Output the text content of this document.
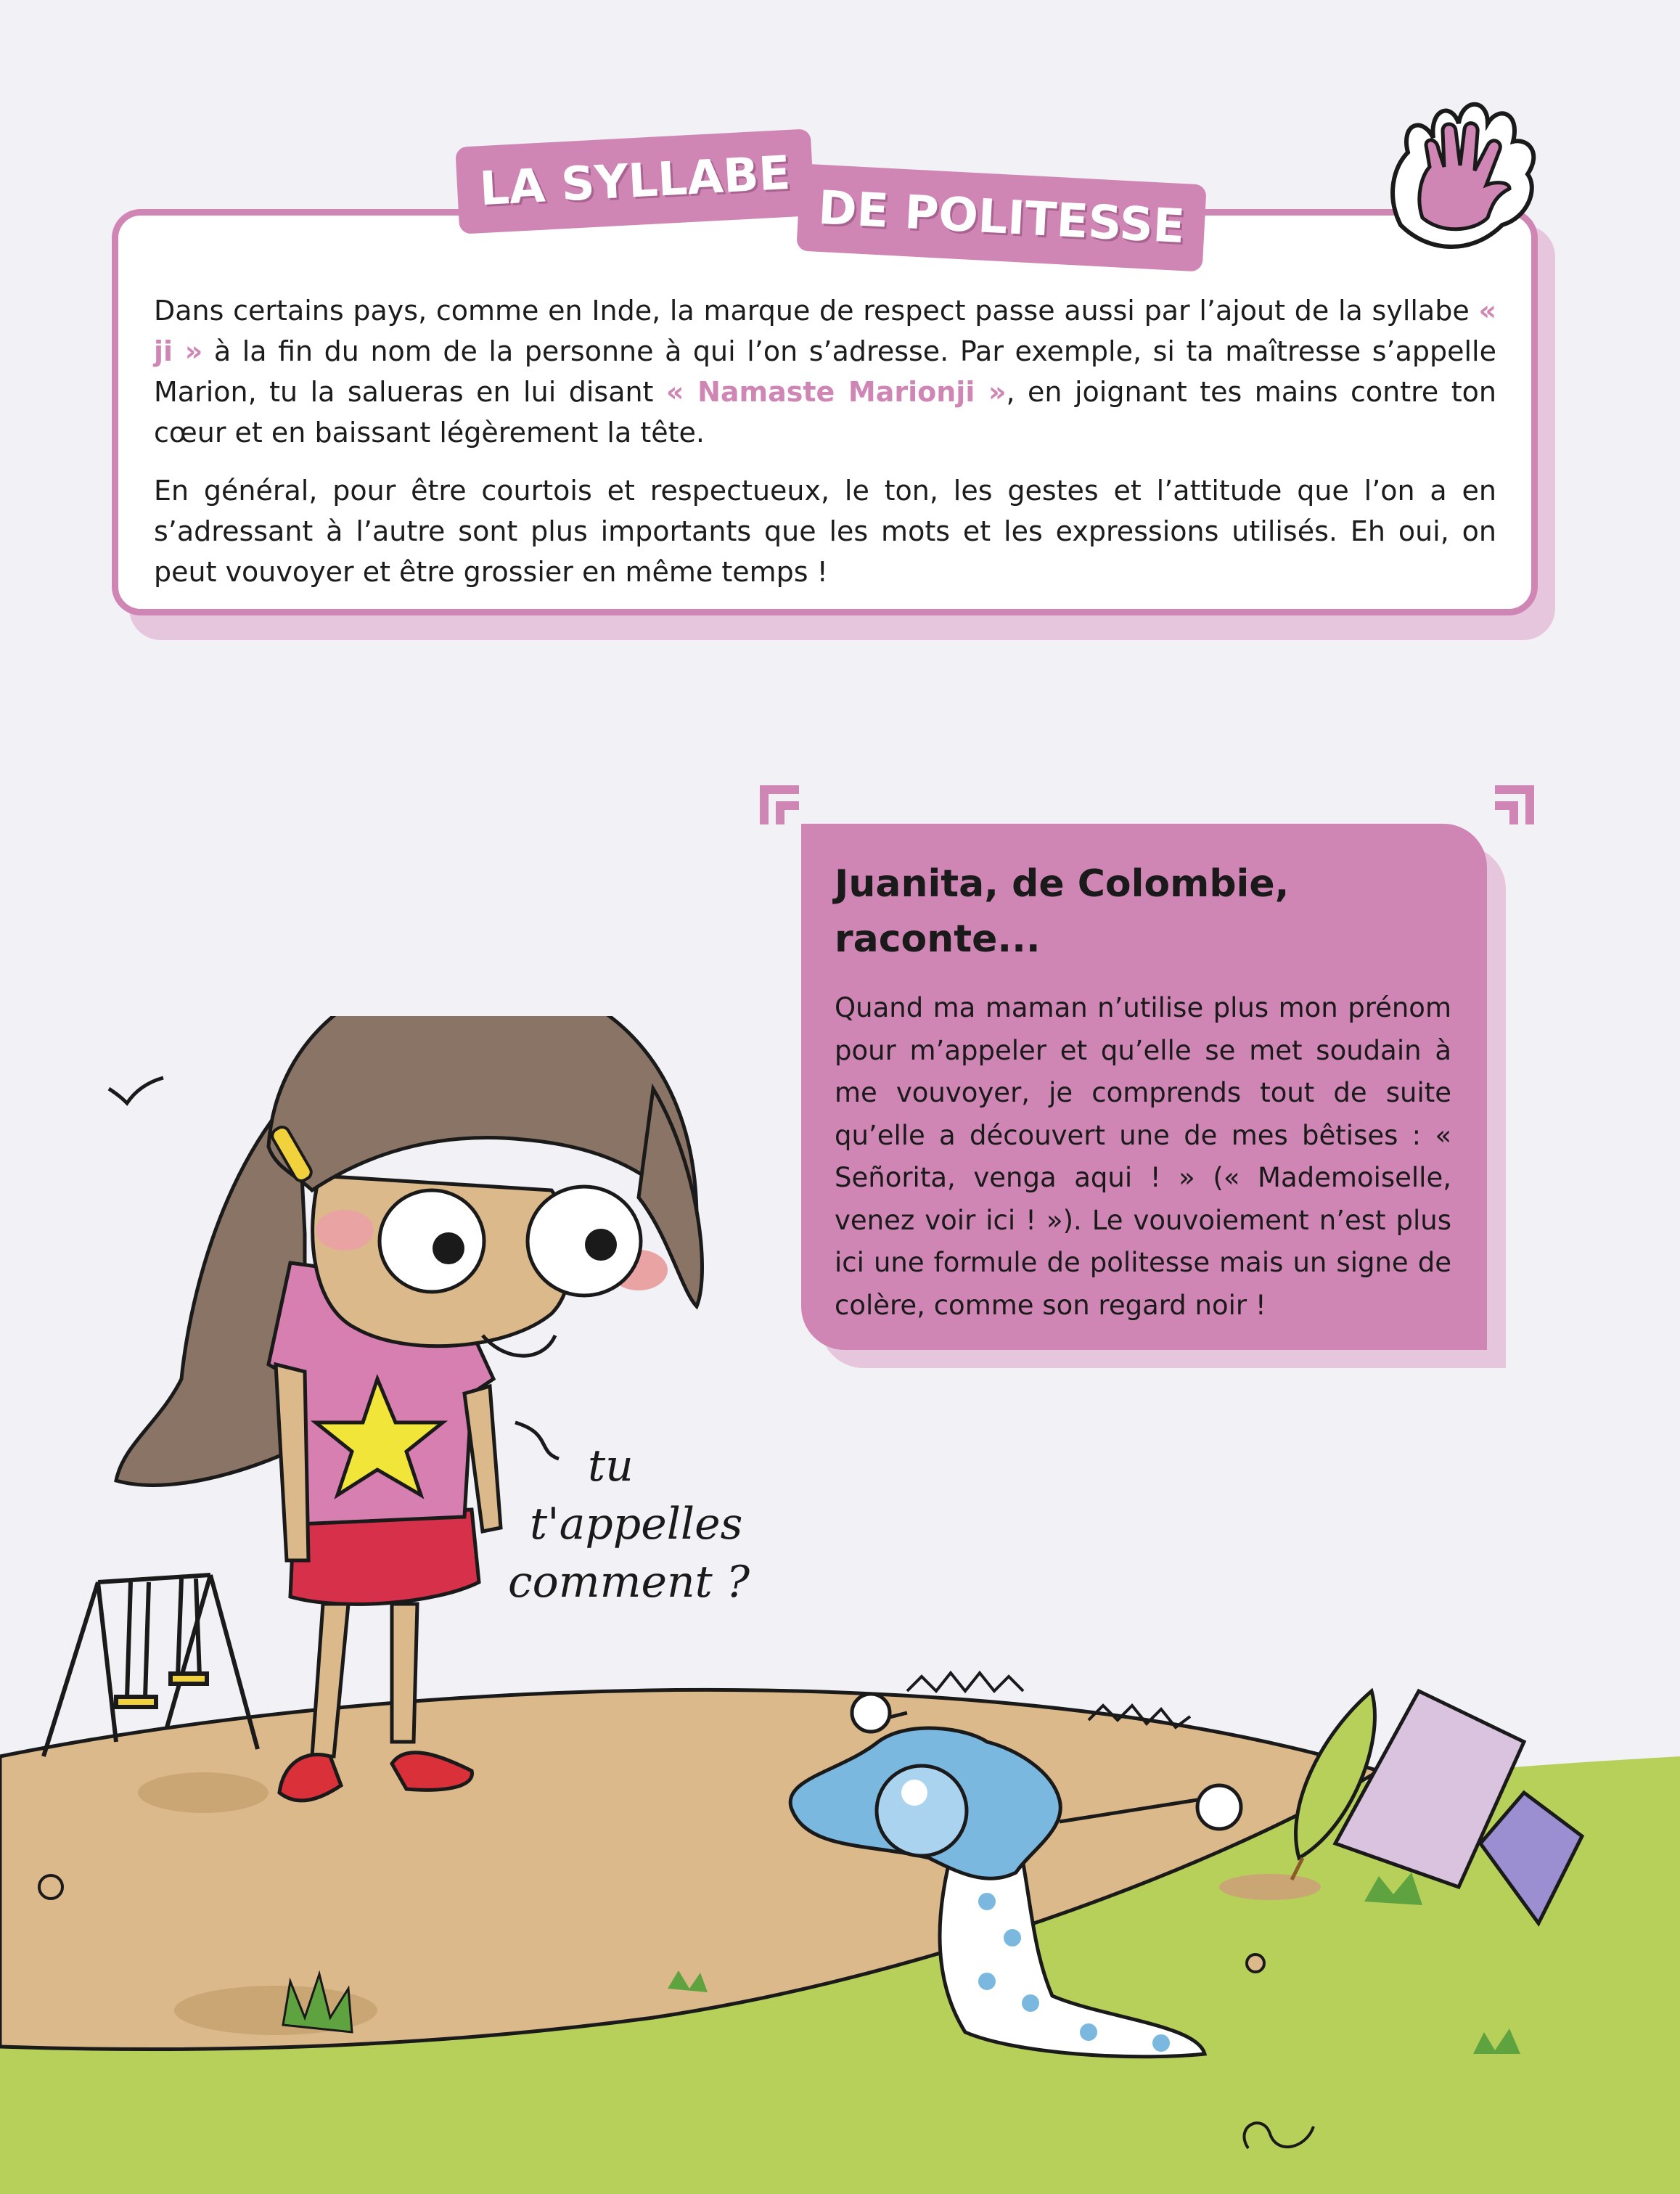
LA SYLLABE DE POLITESSE

Dans certains pays, comme en Inde, la marque de respect passe aussi par l’ajout de la syllabe « ji » à la fin du nom de la personne à qui l’on s’adresse. Par exemple, si ta maîtresse s’appelle Marion, tu la salueras en lui disant « Namaste Marionji », en joignant tes mains contre ton cœur et en baissant légèrement la tête.

En général, pour être courtois et respectueux, le ton, les gestes et l’attitude que l’on a en s’adressant à l’autre sont plus importants que les mots et les expressions utilisés. Eh oui, on peut vouvoyer et être grossier en même temps !

Juanita, de Colombie,
raconte...
Quand ma maman n’utilise plus mon prénom pour m’appeler et qu’elle se met soudain à me vouvoyer, je comprends tout de suite qu’elle a découvert une de mes bêtises : « Señorita, venga aqui ! » (« Mademoiselle, venez voir ici ! »). Le vouvoiement n’est plus ici une formule de politesse mais un signe de colère, comme son regard noir !
tu
t'appelles
comment ?
